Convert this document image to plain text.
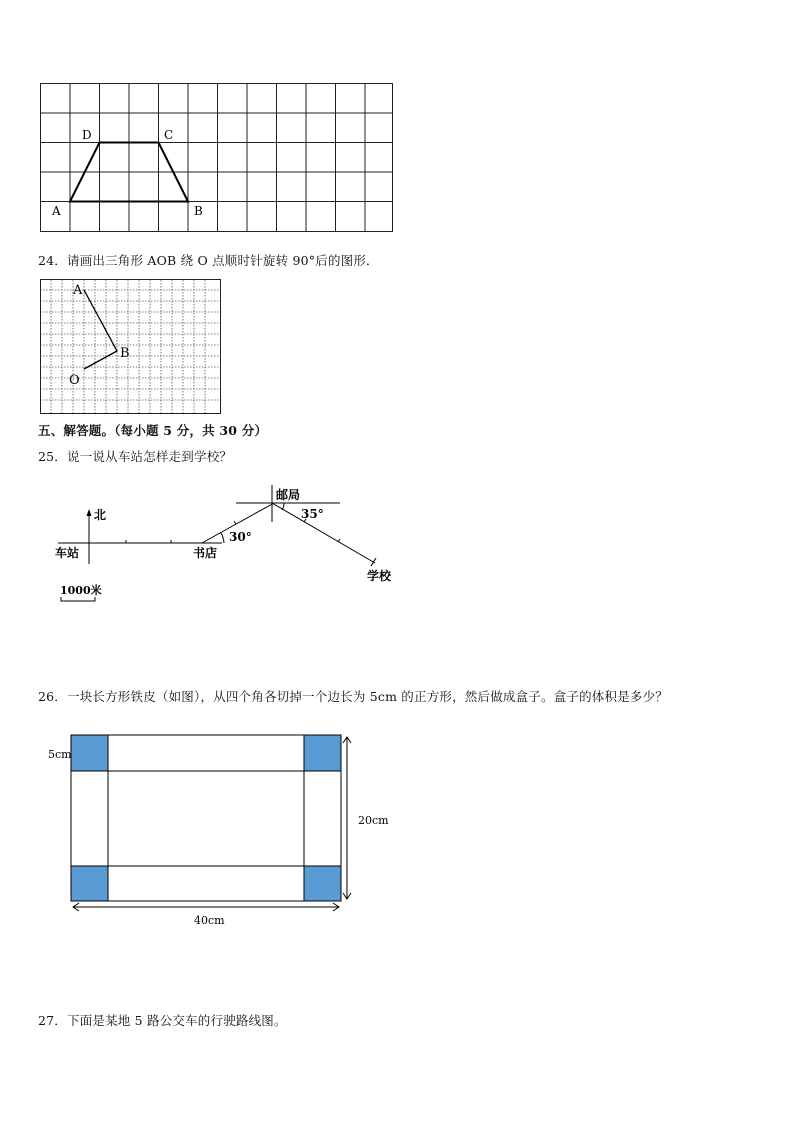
D	C
A	B
24．请画出三角形 AOB 绕 O 点顺时针旋转 90°后的图形．
A
B
O
五、解答题。（每小题 5 分，共 30 分）
25．说一说从车站怎样走到学校？
北
车站	书店
30°
邮局
35°
学校
1000米
26．一块长方形铁皮（如图），从四个角各切掉一个边长为 5cm 的正方形，然后做成盒子。盒子的体积是多少？
5cm
20cm
40cm
27．下面是某地 5 路公交车的行驶路线图。
